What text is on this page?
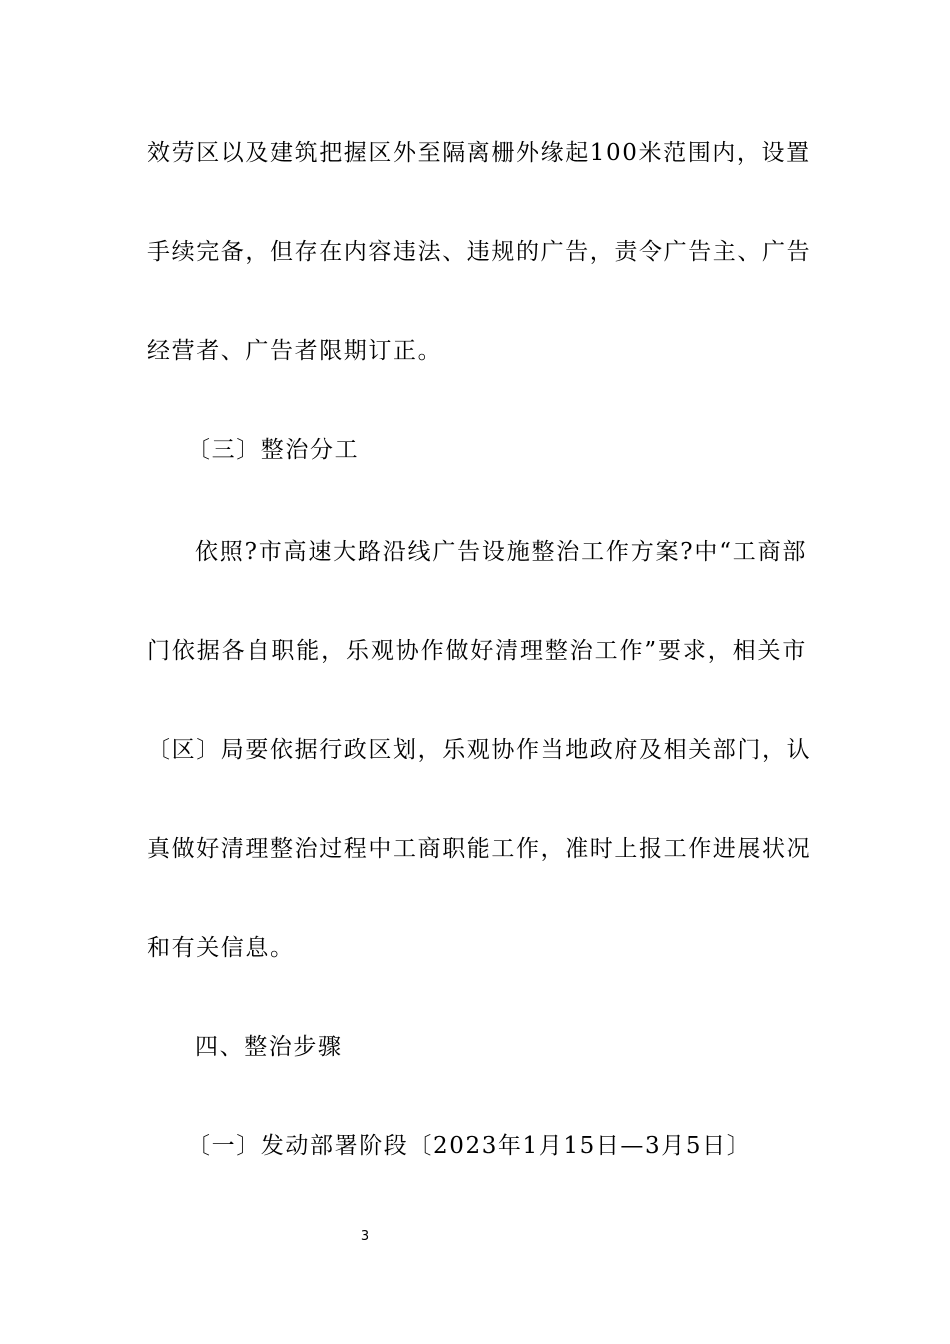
效劳区以及建筑把握区外至隔离栅外缘起100米范围内，设置
手续完备，但存在内容违法、违规的广告，责令广告主、广告
经营者、广告者限期订正。
〔三〕整治分工
依照?市高速大路沿线广告设施整治工作方案?中“工商部
门依据各自职能，乐观协作做好清理整治工作”要求，相关市
〔区〕局要依据行政区划，乐观协作当地政府及相关部门，认
真做好清理整治过程中工商职能工作，准时上报工作进展状况
和有关信息。
四、整治步骤
〔一〕发动部署阶段〔2023年1月15日—3月5日〕
3
